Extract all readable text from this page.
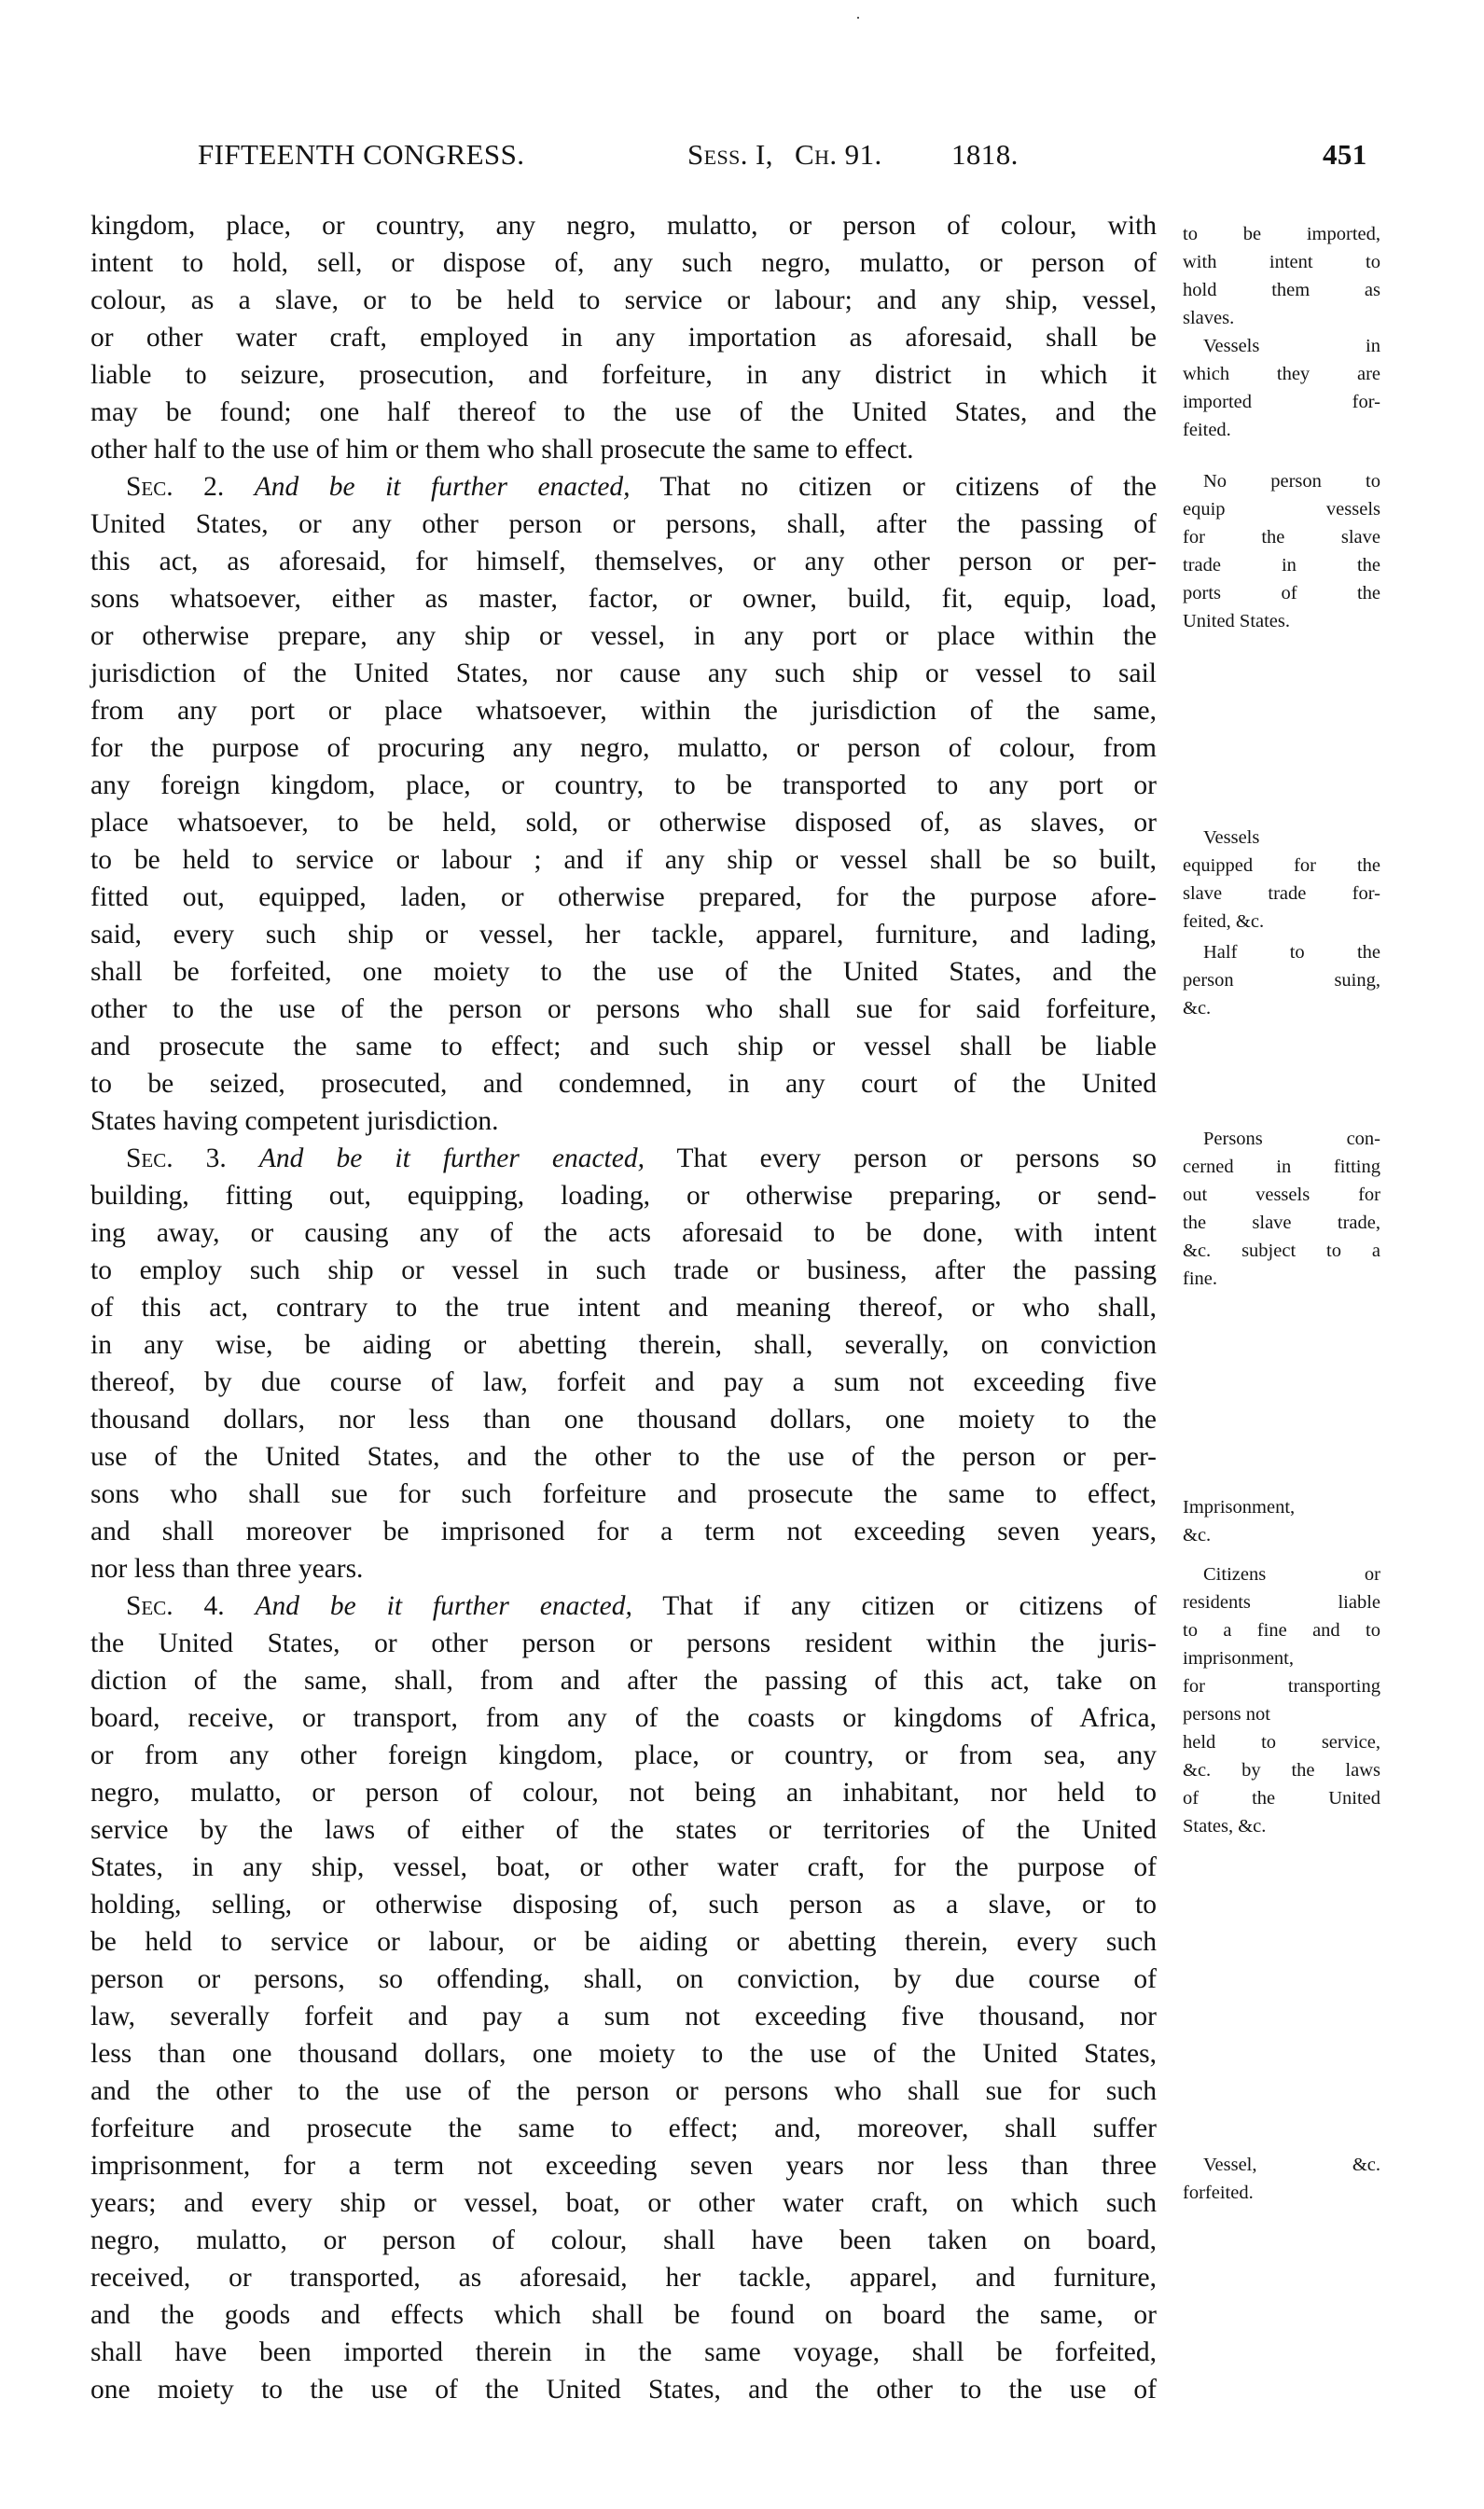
FIFTEENTH CONGRESS.	Sess. I, Ch. 91. 1818.	451
kingdom, place, or country, any negro, mulatto, or person of colour, with
intent to hold, sell, or dispose of, any such negro, mulatto, or person of
colour, as a slave, or to be held to service or labour; and any ship, vessel,
or other water craft, employed in any importation as aforesaid, shall be
liable to seizure, prosecution, and forfeiture, in any district in which it
may be found; one half thereof to the use of the United States, and the
other half to the use of him or them who shall prosecute the same to effect.
Sec. 2. And be it further enacted, That no citizen or citizens of the
United States, or any other person or persons, shall, after the passing of
this act, as aforesaid, for himself, themselves, or any other person or per-
sons whatsoever, either as master, factor, or owner, build, fit, equip, load,
or otherwise prepare, any ship or vessel, in any port or place within the
jurisdiction of the United States, nor cause any such ship or vessel to sail
from any port or place whatsoever, within the jurisdiction of the same,
for the purpose of procuring any negro, mulatto, or person of colour, from
any foreign kingdom, place, or country, to be transported to any port or
place whatsoever, to be held, sold, or otherwise disposed of, as slaves, or
to be held to service or labour ; and if any ship or vessel shall be so built,
fitted out, equipped, laden, or otherwise prepared, for the purpose afore-
said, every such ship or vessel, her tackle, apparel, furniture, and lading,
shall be forfeited, one moiety to the use of the United States, and the
other to the use of the person or persons who shall sue for said forfeiture,
and prosecute the same to effect; and such ship or vessel shall be liable
to be seized, prosecuted, and condemned, in any court of the United
States having competent jurisdiction.
Sec. 3. And be it further enacted, That every person or persons so
building, fitting out, equipping, loading, or otherwise preparing, or send-
ing away, or causing any of the acts aforesaid to be done, with intent
to employ such ship or vessel in such trade or business, after the passing
of this act, contrary to the true intent and meaning thereof, or who shall,
in any wise, be aiding or abetting therein, shall, severally, on conviction
thereof, by due course of law, forfeit and pay a sum not exceeding five
thousand dollars, nor less than one thousand dollars, one moiety to the
use of the United States, and the other to the use of the person or per-
sons who shall sue for such forfeiture and prosecute the same to effect,
and shall moreover be imprisoned for a term not exceeding seven years,
nor less than three years.
Sec. 4. And be it further enacted, That if any citizen or citizens of
the United States, or other person or persons resident within the juris-
diction of the same, shall, from and after the passing of this act, take on
board, receive, or transport, from any of the coasts or kingdoms of Africa,
or from any other foreign kingdom, place, or country, or from sea, any
negro, mulatto, or person of colour, not being an inhabitant, nor held to
service by the laws of either of the states or territories of the United
States, in any ship, vessel, boat, or other water craft, for the purpose of
holding, selling, or otherwise disposing of, such person as a slave, or to
be held to service or labour, or be aiding or abetting therein, every such
person or persons, so offending, shall, on conviction, by due course of
law, severally forfeit and pay a sum not exceeding five thousand, nor
less than one thousand dollars, one moiety to the use of the United States,
and the other to the use of the person or persons who shall sue for such
forfeiture and prosecute the same to effect; and, moreover, shall suffer
imprisonment, for a term not exceeding seven years nor less than three
years; and every ship or vessel, boat, or other water craft, on which such
negro, mulatto, or person of colour, shall have been taken on board,
received, or transported, as aforesaid, her tackle, apparel, and furniture,
and the goods and effects which shall be found on board the same, or
shall have been imported therein in the same voyage, shall be forfeited,
one moiety to the use of the United States, and the other to the use of
to be imported,
with intent to
hold them as
slaves.
Vessels in
which they are
imported for-
feited.
No person to
equip vessels
for the slave
trade in the
ports of the
United States.
Vessels
equipped for the
slave trade for-
feited, &c.
Half to the
person suing,
&c.
Persons con-
cerned in fitting
out vessels for
the slave trade,
&c. subject to a
fine.
Imprisonment,
&c.
Citizens or
residents liable
to a fine and to
imprisonment,
for transporting
persons not
held to service,
&c. by the laws
of the United
States, &c.
Vessel, &c.
forfeited.
